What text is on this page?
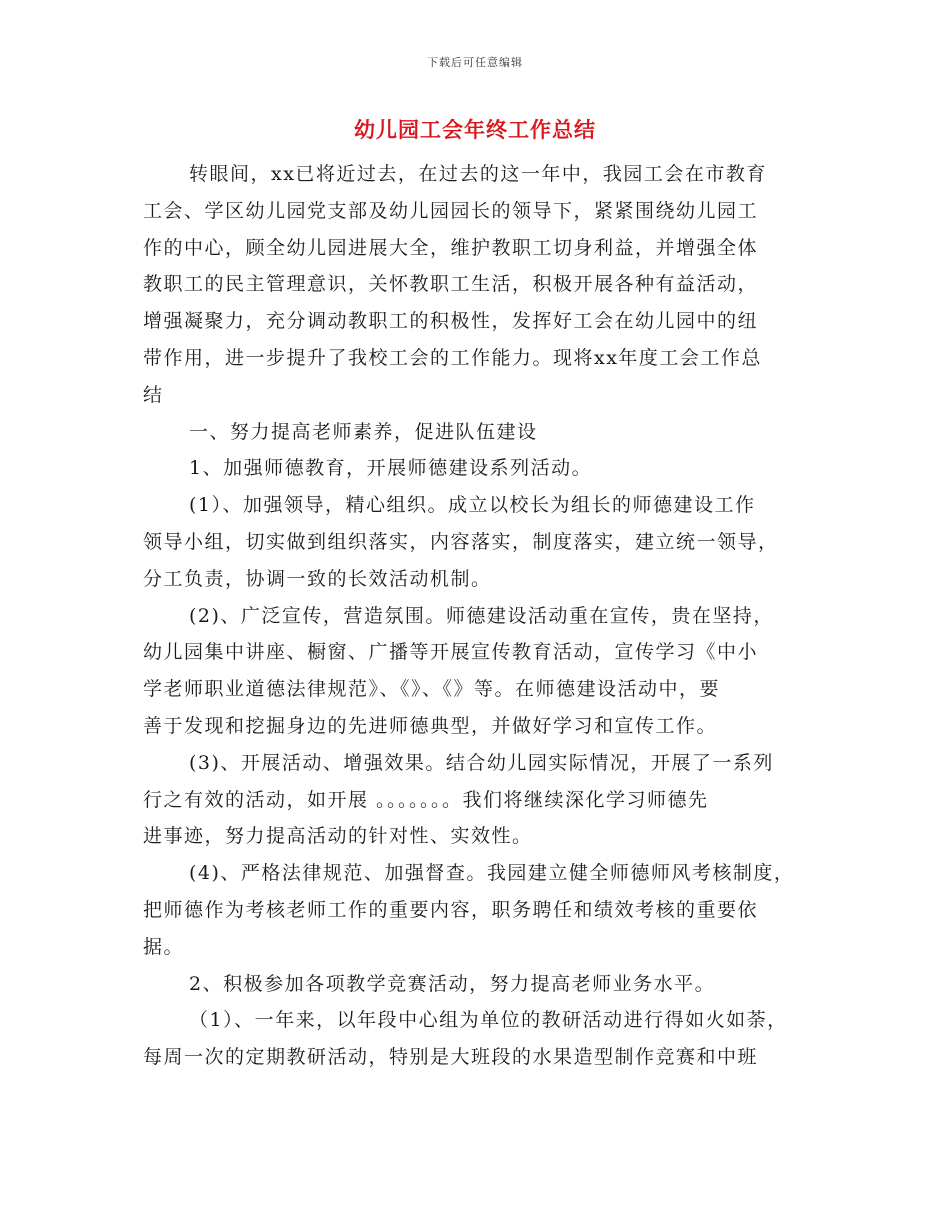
下载后可任意编辑
幼儿园工会年终工作总结
转眼间，xx已将近过去，在过去的这一年中，我园工会在市教育
工会、学区幼儿园党支部及幼儿园园长的领导下，紧紧围绕幼儿园工
作的中心，顾全幼儿园进展大全，维护教职工切身利益，并增强全体
教职工的民主管理意识，关怀教职工生活，积极开展各种有益活动，
增强凝聚力，充分调动教职工的积极性，发挥好工会在幼儿园中的纽
带作用，进一步提升了我校工会的工作能力。现将xx年度工会工作总
结
一、努力提高老师素养，促进队伍建设
1、加强师德教育，开展师德建设系列活动。
(1）、加强领导，精心组织。成立以校长为组长的师德建设工作
领导小组，切实做到组织落实，内容落实，制度落实，建立统一领导，
分工负责，协调一致的长效活动机制。
(2)、广泛宣传，营造氛围。师德建设活动重在宣传，贵在坚持，
幼儿园集中讲座、橱窗、广播等开展宣传教育活动，宣传学习《中小
学老师职业道德法律规范》、《》、《》等。在师德建设活动中，要
善于发现和挖掘身边的先进师德典型，并做好学习和宣传工作。
(3)、开展活动、增强效果。结合幼儿园实际情况，开展了一系列
行之有效的活动，如开展 。。。。。。。我们将继续深化学习师德先
进事迹，努力提高活动的针对性、实效性。
(4)、严格法律规范、加强督查。我园建立健全师德师风考核制度，
把师德作为考核老师工作的重要内容，职务聘任和绩效考核的重要依
据。
2、积极参加各项教学竞赛活动，努力提高老师业务水平。
（1）、一年来，以年段中心组为单位的教研活动进行得如火如荼，
每周一次的定期教研活动，特别是大班段的水果造型制作竞赛和中班
